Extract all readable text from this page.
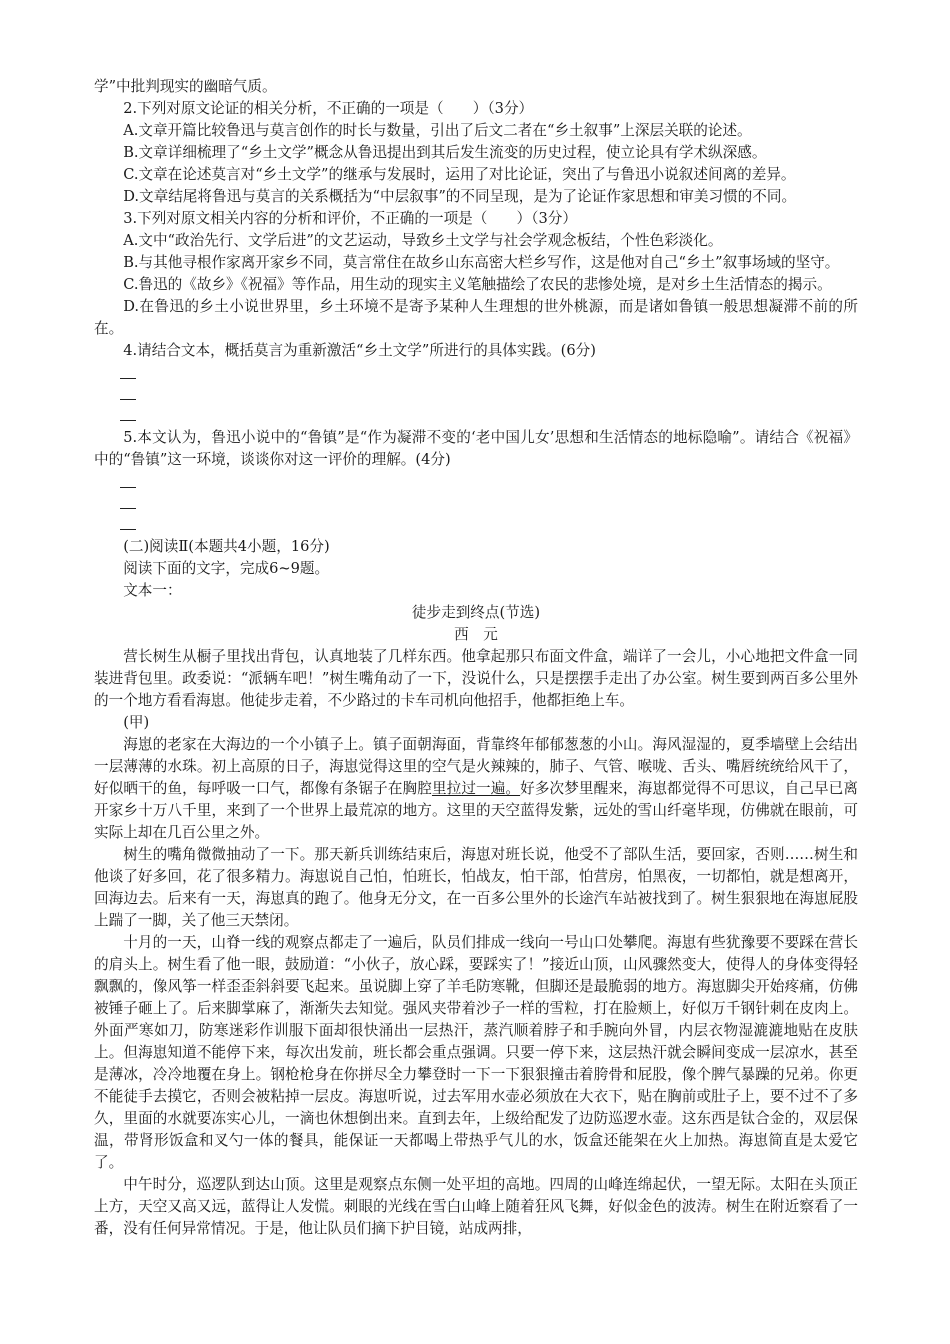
学”中批判现实的幽暗气质。

2.下列对原文论证的相关分析，不正确的一项是（　　）（3分）

A.文章开篇比较鲁迅与莫言创作的时长与数量，引出了后文二者在“乡土叙事”上深层关联的论述。

B.文章详细梳理了“乡土文学”概念从鲁迅提出到其后发生流变的历史过程，使立论具有学术纵深感。

C.文章在论述莫言对“乡土文学”的继承与发展时，运用了对比论证，突出了与鲁迅小说叙述间离的差异。

D.文章结尾将鲁迅与莫言的关系概括为“中层叙事”的不同呈现，是为了论证作家思想和审美习惯的不同。

3.下列对原文相关内容的分析和评价，不正确的一项是（　　）（3分）

A.文中“政治先行、文学后进”的文艺运动，导致乡土文学与社会学观念板结，个性色彩淡化。

B.与其他寻根作家离开家乡不同，莫言常住在故乡山东高密大栏乡写作，这是他对自己“乡土”叙事场域的坚守。

C.鲁迅的《故乡》《祝福》等作品，用生动的现实主义笔触描绘了农民的悲惨处境，是对乡土生活情态的揭示。

D.在鲁迅的乡土小说世界里，乡土环境不是寄予某种人生理想的世外桃源，而是诸如鲁镇一般思想凝滞不前的所在。

4.请结合文本，概括莫言为重新激活“乡土文学”所进行的具体实践。(6分)

5.本文认为，鲁迅小说中的“鲁镇”是“作为凝滞不变的‘老中国儿女’思想和生活情态的地标隐喻”。请结合《祝福》中的“鲁镇”这一环境，谈谈你对这一评价的理解。(4分)

(二)阅读Ⅱ(本题共4小题，16分)

阅读下面的文字，完成6~9题。

文本一：

徒步走到终点(节选)

西　元

营长树生从橱子里找出背包，认真地装了几样东西。他拿起那只布面文件盒，端详了一会儿，小心地把文件盒一同装进背包里。政委说：“派辆车吧！”树生嘴角动了一下，没说什么，只是摆摆手走出了办公室。树生要到两百多公里外的一个地方看看海崽。他徒步走着，不少路过的卡车司机向他招手，他都拒绝上车。

(甲)

海崽的老家在大海边的一个小镇子上。镇子面朝海面，背靠终年郁郁葱葱的小山。海风湿湿的，夏季墙壁上会结出一层薄薄的水珠。初上高原的日子，海崽觉得这里的空气是火辣辣的，肺子、气管、喉咙、舌头、嘴唇统统给风干了，好似晒干的鱼，每呼吸一口气，都像有条锯子在胸腔里拉过一遍。好多次梦里醒来，海崽都觉得不可思议，自己早已离开家乡十万八千里，来到了一个世界上最荒凉的地方。这里的天空蓝得发紫，远处的雪山纤毫毕现，仿佛就在眼前，可实际上却在几百公里之外。

树生的嘴角微微抽动了一下。那天新兵训练结束后，海崽对班长说，他受不了部队生活，要回家，否则……树生和他谈了好多回，花了很多精力。海崽说自己怕，怕班长，怕战友，怕干部，怕营房，怕黑夜，一切都怕，就是想离开，回海边去。后来有一天，海崽真的跑了。他身无分文，在一百多公里外的长途汽车站被找到了。树生狠狠地在海崽屁股上踹了一脚，关了他三天禁闭。

十月的一天，山脊一线的观察点都走了一遍后，队员们排成一线向一号山口处攀爬。海崽有些犹豫要不要踩在营长的肩头上。树生看了他一眼，鼓励道：“小伙子，放心踩，要踩实了！”接近山顶，山风骤然变大，使得人的身体变得轻飘飘的，像风筝一样歪歪斜斜要飞起来。虽说脚上穿了羊毛防寒靴，但脚还是最脆弱的地方。海崽脚尖开始疼痛，仿佛被锤子砸上了。后来脚掌麻了，渐渐失去知觉。强风夹带着沙子一样的雪粒，打在脸颊上，好似万千钢针刺在皮肉上。外面严寒如刀，防寒迷彩作训服下面却很快涌出一层热汗，蒸汽顺着脖子和手腕向外冒，内层衣物湿漉漉地贴在皮肤上。但海崽知道不能停下来，每次出发前，班长都会重点强调。只要一停下来，这层热汗就会瞬间变成一层凉水，甚至是薄冰，冷冷地覆在身上。钢枪枪身在你拼尽全力攀登时一下一下狠狠撞击着胯骨和屁股，像个脾气暴躁的兄弟。你更不能徒手去摸它，否则会被粘掉一层皮。海崽听说，过去军用水壶必须放在大衣下，贴在胸前或肚子上，要不过不了多久，里面的水就要冻实心儿，一滴也休想倒出来。直到去年，上级给配发了边防巡逻水壶。这东西是钛合金的，双层保温，带肾形饭盒和叉勺一体的餐具，能保证一天都喝上带热乎气儿的水，饭盒还能架在火上加热。海崽简直是太爱它了。

中午时分，巡逻队到达山顶。这里是观察点东侧一处平坦的高地。四周的山峰连绵起伏，一望无际。太阳在头顶正上方，天空又高又远，蓝得让人发慌。刺眼的光线在雪白山峰上随着狂风飞舞，好似金色的波涛。树生在附近察看了一番，没有任何异常情况。于是，他让队员们摘下护目镜，站成两排，
